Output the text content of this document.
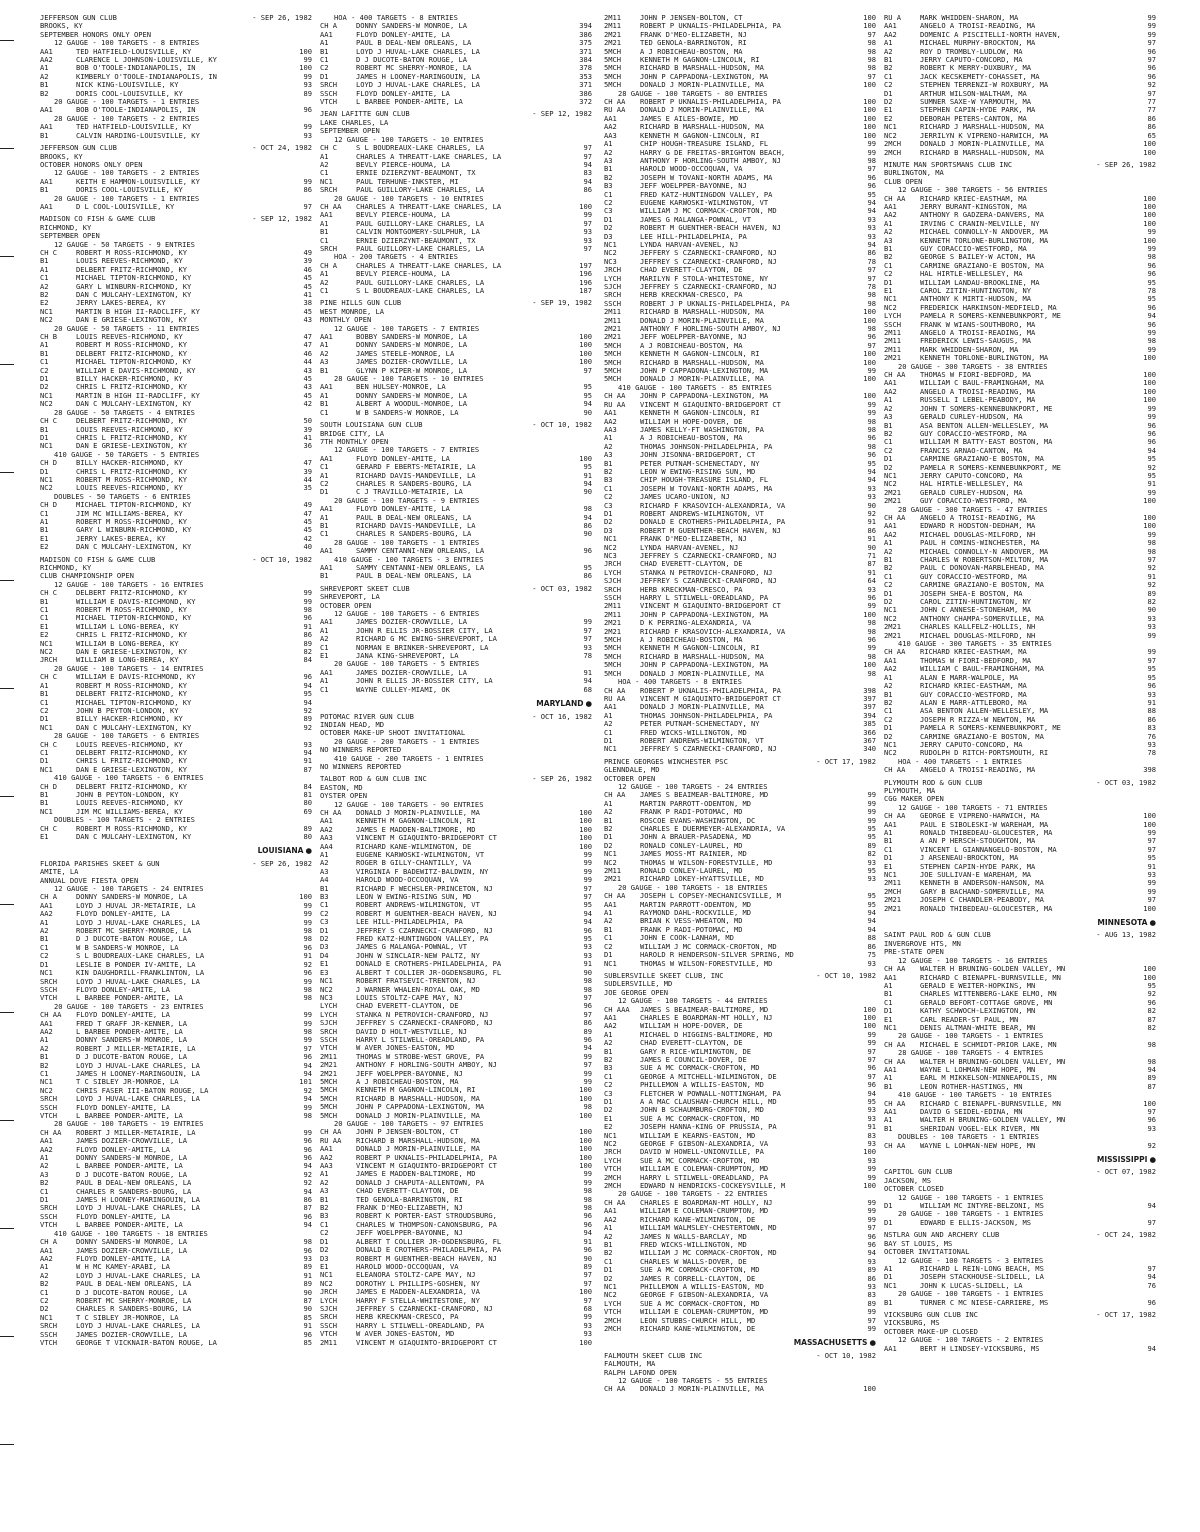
JEFFERSON GUN CLUB	- SEP 26, 1982
BROOKS, KY
SEPTEMBER HONORS ONLY OPEN
12 GAUGE - 100 TARGETS - 8 ENTRIES
AA1	TED HATFIELD-LOUISVILLE, KY	100
AA2	CLARENCE L JOHNSON-LOUISVILLE, KY	99
A1	BOB O'TOOLE-INDIANAPOLIS, IN	100
A2	KIMBERLY O'TOOLE-INDIANAPOLIS, IN	99
B1	NICK KING-LOUISVILLE, KY	93
B2	DORIS COOL-LOUISVILLE, KY	89
20 GAUGE - 100 TARGETS - 1 ENTRIES
AA1	BOB O'TOOLE-INDIANAPOLIS, IN	96
28 GAUGE - 100 TARGETS - 2 ENTRIES
AA1	TED HATFIELD-LOUISVILLE, KY	99
B1	CALVIN HARDING-LOUISVILLE, KY	93
JEFFERSON GUN CLUB	- OCT 24, 1982
BROOKS, KY
OCTOBER HONORS ONLY OPEN
12 GAUGE - 100 TARGETS - 2 ENTRIES
AA1	KEITH E HAMMON-LOUISVILLE, KY	99
B1	DORIS COOL-LOUISVILLE, KY	86
20 GAUGE - 100 TARGETS - 1 ENTRIES
AA1	D L COOL-LOUISVILLE, KY	97
MADISON CO FISH & GAME CLUB	- SEP 12, 1982
RICHMOND, KY
SEPTEMBER OPEN
12 GAUGE - 50 TARGETS - 9 ENTRIES
CH C	ROBERT M ROSS-RICHMOND, KY	49
B1	LOUIS REEVES-RICHMOND, KY	39
A1	DELBERT FRITZ-RICHMOND, KY	46
C1	MICHAEL TIPTON-RICHMOND, KY	45
A2	GARY L WINBURN-RICHMOND, KY	45
B2	DAN C MULCAHY-LEXINGTON, KY	41
E2	JERRY LAKES-BEREA, KY	38
NC1	MARTIN B HIGH II-RADCLIFF, KY	45
NC2	DAN E GRIESE-LEXINGTON, KY	43
20 GAUGE - 50 TARGETS - 11 ENTRIES
CH B	LOUIS REEVES-RICHMOND, KY	47
A1	ROBERT M ROSS-RICHMOND, KY	47
B1	DELBERT FRITZ-RICHMOND, KY	46
C1	MICHAEL TIPTON-RICHMOND, KY	44
C2	WILLIAM E DAVIS-RICHMOND, KY	43
D1	BILLY HACKER-RICHMOND, KY	45
D2	CHRIS L FRITZ-RICHMOND, KY	43
NC1	MARTIN B HIGH II-RADCLIFF, KY	45
NC2	DAN C MULCAHY-LEXINGTON, KY	42
28 GAUGE - 50 TARGETS - 4 ENTRIES
CH C	DELBERT FRITZ-RICHMOND, KY	50
B1	LOUIS REEVES-RICHMOND, KY	39
D1	CHRIS L FRITZ-RICHMOND, KY	41
NC1	DAN E GRIESE-LEXINGTON, KY	36
410 GAUGE - 50 TARGETS - 5 ENTRIES
CH D	BILLY HACKER-RICHMOND, KY	47
D1	CHRIS L FRITZ-RICHMOND, KY	39
NC1	ROBERT M ROSS-RICHMOND, KY	44
NC2	LOUIS REEVES-RICHMOND, KY	35
DOUBLES - 50 TARGETS - 6 ENTRIES
CH D	MICHAEL TIPTON-RICHMOND, KY	49
C1	JIM MC WILLIAMS-BEREA, KY	47
A1	ROBERT M ROSS-RICHMOND, KY	45
B1	GARY L WINBURN-RICHMOND, KY	45
E1	JERRY LAKES-BEREA, KY	42
E2	DAN C MULCAHY-LEXINGTON, KY	40
MADISON CO FISH & GAME CLUB	- OCT 10, 1982
RICHMOND, KY
CLUB CHAMPIONSHIP OPEN
12 GAUGE - 100 TARGETS - 16 ENTRIES
CH C	DELBERT FRITZ-RICHMOND, KY	99
B1	WILLIAM E DAVIS-RICHMOND, KY	99
C1	ROBERT M ROSS-RICHMOND, KY	98
C1	MICHAEL TIPTON-RICHMOND, KY	96
E1	WILLIAM L LONG-BEREA, KY	91
E2	CHRIS L FRITZ-RICHMOND, KY	86
NC1	WILLIAM B LONG-BEREA, KY	89
NC2	DAN E GRIESE-LEXINGTON, KY	82
JRCH	WILLIAM B LONG-BEREA, KY	84
20 GAUGE - 100 TARGETS - 14 ENTRIES
CH C	WILLIAM E DAVIS-RICHMOND, KY	96
A1	ROBERT M ROSS-RICHMOND, KY	94
B1	DELBERT FRITZ-RICHMOND, KY	95
C1	MICHAEL TIPTON-RICHMOND, KY	94
C2	JOHN B PEYTON-LONDON, KY	92
D1	BILLY HACKER-RICHMOND, KY	89
NC1	DAN C MULCAHY-LEXINGTON, KY	92
28 GAUGE - 100 TARGETS - 6 ENTRIES
CH C	LOUIS REEVES-RICHMOND, KY	93
C1	DELBERT FRITZ-RICHMOND, KY	94
D1	CHRIS L FRITZ-RICHMOND, KY	91
NC1	DAN E GRIESE-LEXINGTON, KY	87
410 GAUGE - 100 TARGETS - 6 ENTRIES
CH D	DELBERT FRITZ-RICHMOND, KY	84
B1	JOHN B PEYTON-LONDON, KY	81
B1	LOUIS REEVES-RICHMOND, KY	80
NC1	JIM MC WILLIAMS-BEREA, KY	69
DOUBLES - 100 TARGETS - 2 ENTRIES
CH C	ROBERT M ROSS-RICHMOND, KY	89
E1	DAN C MULCAHY-LEXINGTON, KY	80
LOUISIANA ●
FLORIDA PARISHES SKEET & GUN	- SEP 26, 1982
AMITE, LA
ANNUAL DOVE FIESTA OPEN
12 GAUGE - 100 TARGETS - 24 ENTRIES
CH A	DONNY SANDERS-W MONROE, LA	100
AA1	LOYD J HUVAL JR-METAIRIE, LA	99
AA2	FLOYD DONLEY-AMITE, LA	99
A1	LOYD J HUVAL-LAKE CHARLES, LA	99
A2	ROBERT MC SHERRY-MONROE, LA	98
B1	D J DUCOTE-BATON ROUGE, LA	98
C1	W B SANDERS-W MONROE, LA	96
C2	S L BOUDREAUX-LAKE CHARLES, LA	91
D1	LESLIE B PONDER IV-AMITE, LA	92
NC1	KIN DAUGHDRILL-FRANKLINTON, LA	96
SRCH	LOYD J HUVAL-LAKE CHARLES, LA	99
SSCH	FLOYD DONLEY-AMITE, LA	98
VTCH	L BARBEE PONDER-AMITE, LA	98
20 GAUGE - 100 TARGETS - 23 ENTRIES
CH AA	FLOYD DONLEY-AMITE, LA	99
AA1	FRED T GRAFF JR-KENNER, LA	99
AA2	L BARBEE PONDER-AMITE, LA	98
A1	DONNY SANDERS-W MONROE, LA	99
A2	ROBERT J MILLER-METAIRIE, LA	97
B1	D J DUCOTE-BATON ROUGE, LA	96
B2	LOYD J HUVAL-LAKE CHARLES, LA	94
C1	JAMES H LOONEY-MARINGOUIN, LA	94
NC1	T C SIBLEY JR-MONROE, LA	101
NC2	CHRIS FASER III-BATON ROUGE, LA	92
SRCH	LOYD J HUVAL-LAKE CHARLES, LA	94
SSCH	FLOYD DONLEY-AMITE, LA	99
VTCH	L BARBEE PONDER-AMITE, LA	98
28 GAUGE - 100 TARGETS - 19 ENTRIES
CH AA	ROBERT J MILLER-METAIRIE, LA	99
AA1	JAMES DOZIER-CROWVILLE, LA	96
AA2	FLOYD DONLEY-AMITE, LA	96
A1	DONNY SANDERS-W MONROE, LA	96
A2	L BARBEE PONDER-AMITE, LA	94
A3	D J DUCOTE-BATON ROUGE, LA	92
B2	PAUL B DEAL-NEW ORLEANS, LA	92
C1	CHARLES R SANDERS-BOURG, LA	94
D1	JAMES H LOONEY-MARINGOUIN, LA	86
SRCH	LOYD J HUVAL-LAKE CHARLES, LA	87
SSCH	FLOYD DONLEY-AMITE, LA	96
VTCH	L BARBEE PONDER-AMITE, LA	94
410 GAUGE - 100 TARGETS - 18 ENTRIES
CH A	DONNY SANDERS-W MONROE, LA	98
AA1	JAMES DOZIER-CROWVILLE, LA	96
AA2	FLOYD DONLEY-AMITE, LA	93
A1	W H MC KAMEY-ARABI, LA	89
A2	LOYD J HUVAL-LAKE CHARLES, LA	91
B2	PAUL B DEAL-NEW ORLEANS, LA	89
C1	D J DUCOTE-BATON ROUGE, LA	90
C2	ROBERT MC SHERRY-MONROE, LA	87
D2	CHARLES R SANDERS-BOURG, LA	90
NC1	T C SIBLEY JR-MONROE, LA	85
SRCH	LOYD J HUVAL-LAKE CHARLES, LA	91
SSCH	JAMES DOZIER-CROWVILLE, LA	96
VTCH	GEORGE T VICKNAIR-BATON ROUGE, LA	85
HOA - 400 TARGETS - 8 ENTRIES
CH A	DONNY SANDERS-W MONROE, LA	394
AA1	FLOYD DONLEY-AMITE, LA	386
A1	PAUL B DEAL-NEW ORLEANS, LA	375
B1	LOYD J HUVAL-LAKE CHARLES, LA	371
C1	D J DUCOTE-BATON ROUGE, LA	384
C2	ROBERT MC SHERRY-MONROE, LA	378
D1	JAMES H LOONEY-MARINGOUIN, LA	353
SRCH	LOYD J HUVAL-LAKE CHARLES, LA	371
SSCH	FLOYD DONLEY-AMITE, LA	386
VTCH	L BARBEE PONDER-AMITE, LA	372
JEAN LAFITTE GUN CLUB	- SEP 12, 1982
LAKE CHARLES, LA
SEPTEMBER OPEN
12 GAUGE - 100 TARGETS - 10 ENTRIES
CH C	S L BOUDREAUX-LAKE CHARLES, LA	97
A1	CHARLES A THREATT-LAKE CHARLES, LA	97
A2	BEVLY PIERCE-HOUMA, LA	94
C1	ERNIE DZIERZYNT-BEAUMONT, TX	83
NC1	PAUL TERHUNE-INKSTER, MI	94
SRCH	PAUL GUILLORY-LAKE CHARLES, LA	86
20 GAUGE - 100 TARGETS - 10 ENTRIES
CH AA	CHARLES A THREATT-LAKE CHARLES, LA	100
AA1	BEVLY PIERCE-HOUMA, LA	99
A1	PAUL GUILLORY-LAKE CHARLES, LA	97
B1	CALVIN MONTGOMERY-SULPHUR, LA	93
C1	ERNIE DZIERZYNT-BEAUMONT, TX	93
SRCH	PAUL GUILLORY-LAKE CHARLES, LA	97
HOA - 200 TARGETS - 4 ENTRIES
CH A	CHARLES A THREATT-LAKE CHARLES, LA	197
A1	BEVLY PIERCE-HOUMA, LA	196
A2	PAUL GUILLORY-LAKE CHARLES, LA	196
C1	S L BOUDREAUX-LAKE CHARLES, LA	187
PINE HILLS GUN CLUB	- SEP 19, 1982
WEST MONROE, LA
MONTHLY OPEN
12 GAUGE - 100 TARGETS - 7 ENTRIES
AA1	BOBBY SANDERS-W MONROE, LA	100
A1	DONNY SANDERS-W MONROE, LA	100
A2	JAMES STEELE-MONROE, LA	100
A3	JAMES DOZIER-CROWVILLE, LA	100
B1	GLYNN P KIPER-W MONROE, LA	97
28 GAUGE - 100 TARGETS - 10 ENTRIES
AA1	BEN HULSEY-MONROE, LA	95
A1	DONNY SANDERS-W MONROE, LA	95
B1	ALBERT A WOODUL-MONROE, LA	94
C1	W B SANDERS-W MONROE, LA	90
SOUTH LOUISIANA GUN CLUB	- OCT 10, 1982
BRIDGE CITY, LA
7TH MONTHLY OPEN
12 GAUGE - 100 TARGETS - 7 ENTRIES
AA1	FLOYD DONLEY-AMITE, LA	100
C1	GERARD F EBERTS-METAIRIE, LA	95
A1	RICHARD DAVIS-MANDEVILLE, LA	91
C2	CHARLES R SANDERS-BOURG, LA	94
D1	C J TRAVILLO-METAIRIE, LA	90
20 GAUGE - 100 TARGETS - 9 ENTRIES
AA1	FLOYD DONLEY-AMITE, LA	98
A1	PAUL B DEAL-NEW ORLEANS, LA	94
B1	RICHARD DAVIS-MANDEVILLE, LA	86
C1	CHARLES R SANDERS-BOURG, LA	90
28 GAUGE - 100 TARGETS - 1 ENTRIES
AA1	SAMMY CENTANNI-NEW ORLEANS, LA	96
410 GAUGE - 100 TARGETS - 3 ENTRIES
AA1	SAMMY CENTANNI-NEW ORLEANS, LA	95
B1	PAUL B DEAL-NEW ORLEANS, LA	86
SHREVEPORT SKEET CLUB	- OCT 03, 1982
SHREVEPORT, LA
OCTOBER OPEN
12 GAUGE - 100 TARGETS - 6 ENTRIES
AA1	JAMES DOZIER-CROWVILLE, LA	99
A1	JOHN R ELLIS JR-BOSSIER CITY, LA	97
A2	RICHARD G MC EWING-SHREVEPORT, LA	97
C1	NORMAN E BRINKER-SHREVEPORT, LA	93
E1	JANA KING-SHREVEPORT, LA	78
20 GAUGE - 100 TARGETS - 5 ENTRIES
AA1	JAMES DOZIER-CROWVILLE, LA	91
A1	JOHN R ELLIS JR-BOSSIER CITY, LA	94
C1	WAYNE CULLEY-MIAMI, OK	68
MARYLAND ●
POTOMAC RIVER GUN CLUB	- OCT 16, 1982
INDIAN HEAD, MD
OCTOBER MAKE-UP SHOOT INVITATIONAL
20 GAUGE - 200 TARGETS - 1 ENTRIES
NO WINNERS REPORTED
410 GAUGE - 200 TARGETS - 1 ENTRIES
NO WINNERS REPORTED
TALBOT ROD & GUN CLUB INC	- SEP 26, 1982
EASTON, MD
OYSTER OPEN
12 GAUGE - 100 TARGETS - 90 ENTRIES
CH AA	DONALD J MORIN-PLAINVILLE, MA	100
AA1	KENNETH M GAGNON-LINCOLN, RI	100
AA2	JAMES E MADDEN-BALTIMORE, MD	100
AA3	VINCENT M GIAQUINTO-BRIDGEPORT CT	100
AA4	RICHARD KANE-WILMINGTON, DE	100
A1	EUGENE KARWOSKI-WILMINGTON, VT	99
A2	ROGER B GILLY-CHANTILLY, VA	99
A3	VIRGINIA F BADEWITZ-BALDWIN, NY	99
A4	HAROLD WOOD-OCCOQUAN, VA	99
B1	RICHARD F WECHSLER-PRINCETON, NJ	97
B3	LEON W EWING-RISING SUN, MD	97
C1	ROBERT ANDREWS-WILMINGTON, VT	95
C2	ROBERT M GUENTHER-BEACH HAVEN, NJ	94
C3	LEE HILL-PHILADELPHIA, PA	94
D1	JEFFREY S CZARNECKI-CRANFORD, NJ	96
D2	FRED KATZ-HUNTINGDON VALLEY, PA	95
D3	JAMES G MALANGA-POWNAL, VT	93
D4	JOHN W SINCLAIR-NEW PALTZ, NY	93
E1	DONALD E CROTHERS-PHILADELPHIA, PA	91
E3	ALBERT T COLLIER JR-OGDENSBURG, FL	90
NC1	ROBERT FRATSEVIC-TRENTON, NJ	98
NC2	J WARNER WHALEN-ROYAL OAK, MD	98
NC3	LOUIS STOLTZ-CAPE MAY, NJ	97
LYCH	CHAD EVERETT-CLAYTON, DE	96
LYCH	STANKA N PETROVICH-CRANFORD, NJ	97
SJCH	JEFFREY S CZARNECKI-CRANFORD, NJ	86
SRCH	DAVID D HOLT-WESTVILLE, NJ	89
SSCH	HARRY L STILWELL-OREADLAND, PA	96
VTCH	W AVER JONES-EASTON, MD	94
2M11	THOMAS W STROBE-WEST GROVE, PA	99
2M21	ANTHONY F HORLING-SOUTH AMBOY, NJ	97
2M21	JEFF WOELPPER-BAYONNE, NJ	99
5MCH	A J ROBICHEAU-BOSTON, MA	99
5MCH	KENNETH M GAGNON-LINCOLN, RI	100
5MCH	RICHARD B MARSHALL-HUDSON, MA	100
5MCH	JOHN P CAPPADONA-LEXINGTON, MA	98
5MCH	DONALD J MORIN-PLAINVILLE, MA	100
20 GAUGE - 100 TARGETS - 97 ENTRIES
CH AA	JOHN P JENSEN-BOLTON, CT	100
RU AA	RICHARD B MARSHALL-HUDSON, MA	100
AA1	DONALD J MORIN-PLAINVILLE, MA	100
AA2	ROBERT P UKNALIS-PHILADELPHIA, PA	100
AA3	VINCENT M GIAQUINTO-BRIDGEPORT CT	100
A1	JAMES E MADDEN-BALTIMORE, MD	99
A2	DONALD J CHAPUTA-ALLENTOWN, PA	99
A3	CHAD EVERETT-CLAYTON, DE	98
B1	TED GENOLA-BARRINGTON, RI	98
B2	FRANK D'MEO-ELIZABETH, NJ	98
B3	ROBERT K PORTER-EAST STROUDSBURG,	96
C1	CHARLES W THOMPSON-CANONSBURG, PA	96
C2	JEFF WOELPPER-BAYONNE, NJ	94
D1	ALBERT T COLLIER JR-OGDENSBURG, FL	91
D2	DONALD E CROTHERS-PHILADELPHIA, PA	96
D3	ROBERT M GUENTHER-BEACH HAVEN, NJ	90
E1	HAROLD WOOD-OCCOQUAN, VA	89
NC1	ELEANORA STOLTZ-CAPE MAY, NJ	97
NC2	DOROTHY L PHILLIPS-GOSHEN, NY	97
JRCH	JAMES E MADDEN-ALEXANDRIA, VA	100
LYCH	HARRY F STELLA-WHITESTONE, NY	97
SJCH	JEFFREY S CZARNECKI-CRANFORD, NJ	68
SRCH	HERB KRECKMAN-CRESCO, PA	99
SSCH	HARRY L STILWELL-OREADLAND, PA	93
VTCH	W AVER JONES-EASTON, MD	93
2M11	VINCENT M GIAQUINTO-BRIDGEPORT CT	100
2M11	JOHN P JENSEN-BOLTON, CT	100
2M11	ROBERT P UKNALIS-PHILADELPHIA, PA	100
2M21	FRANK D'MEO-ELIZABETH, NJ	97
2M21	TED GENOLA-BARRINGTON, RI	98
5MCH	A J ROBICHEAU-BOSTON, MA	98
5MCH	KENNETH M GAGNON-LINCOLN, RI	98
5MCH	RICHARD B MARSHALL-HUDSON, MA	98
5MCH	JOHN P CAPPADONA-LEXINGTON, MA	97
5MCH	DONALD J MORIN-PLAINVILLE, MA	100
28 GAUGE - 100 TARGETS - 80 ENTRIES
CH AA	ROBERT P UKNALIS-PHILADELPHIA, PA	100
RU AA	DONALD J MORIN-PLAINVILLE, MA	100
AA1	JAMES E AILES-BOWIE, MD	100
AA2	RICHARD B MARSHALL-HUDSON, MA	100
AA3	KENNETH M GAGNON-LINCOLN, RI	100
A1	CHIP HOUGH-TREASURE ISLAND, FL	99
A2	HARRY G DE FREITAS-BRIGHTON BEACH,	99
A3	ANTHONY F HORLING-SOUTH AMBOY, NJ	98
B1	HAROLD WOOD-OCCOQUAN, VA	97
B2	JOSEPH W TOVANI-NORTH ADAMS, MA	96
B3	JEFF WOELPPER-BAYONNE, NJ	96
C1	FRED KATZ-HUNTINGDON VALLEY, PA	95
C2	EUGENE KARWOSKI-WILMINGTON, VT	94
C3	WILLIAM J MC CORMACK-CROFTON, MD	94
D1	JAMES G MALANGA-POWNAL, VT	93
D2	ROBERT M GUENTHER-BEACH HAVEN, NJ	93
D3	LEE HILL-PHILADELPHIA, PA	93
NC1	LYNDA HARVAN-AVENEL, NJ	94
NC2	JEFFERY S CZARNECKI-CRANFORD, NJ	86
NC3	JEFFREY S CZARNECKI-CRANFORD, NJ	78
JRCH	CHAD EVERETT-CLAYTON, DE	97
LYCH	MARILYN F STOLA-WHITESTONE, NY	97
SJCH	JEFFREY S CZARNECKI-CRANFORD, NJ	78
SRCH	HERB KRECKMAN-CRESCO, PA	98
SSCH	ROBERT J P UKNALIS-PHILADELPHIA, PA	98
2M11	RICHARD B MARSHALL-HUDSON, MA	100
2M11	DONALD J MORIN-PLAINVILLE, MA	100
2M21	ANTHONY F HORLING-SOUTH AMBOY, NJ	98
2M21	JEFF WOELPPER-BAYONNE, NJ	96
5MCH	A J ROBICHEAU-BOSTON, MA	97
5MCH	KENNETH M GAGNON-LINCOLN, RI	100
5MCH	RICHARD B MARSHALL-HUDSON, MA	100
5MCH	JOHN P CAPPADONA-LEXINGTON, MA	99
5MCH	DONALD J MORIN-PLAINVILLE, MA	100
410 GAUGE - 100 TARGETS - 85 ENTRIES
CH AA	JOHN P CAPPADONA-LEXINGTON, MA	100
RU AA	VINCENT M GIAQUINTO-BRIDGEPORT CT	99
AA1	KENNETH M GAGNON-LINCOLN, RI	99
AA2	WILLIAM H HOPE-DOVER, DE	98
AA3	JAMES KELLY-FT WASHINGTON, PA	98
A1	A J ROBICHEAU-BOSTON, MA	96
A2	THOMAS JOHNSON-PHILADELPHIA, PA	98
A3	JOHN JISONNA-BRIDGEPORT, CT	96
B1	PETER PUTNAM-SCHENECTADY, NY	95
B2	LEON W EWING-RISING SUN, MD	94
B3	CHIP HOUGH-TREASURE ISLAND, FL	94
C1	JOSEPH W TOVANI-NORTH ADAMS, MA	93
C2	JAMES UCARO-UNION, NJ	93
C3	RICHARD F KRASOVICH-ALEXANDRIA, VA	90
D1	ROBERT ANDREWS-WILMINGTON, VT	92
D2	DONALD E CROTHERS-PHILADELPHIA, PA	91
D3	ROBERT M GUENTHER-BEACH HAVEN, NJ	86
NC1	FRANK D'MEO-ELIZABETH, NJ	91
NC2	LYNDA HARVAN-AVENEL, NJ	90
NC3	JEFFREY S CZARNECKI-CRANFORD, NJ	71
JRCH	CHAD EVERETT-CLAYTON, DE	87
LYCH	STANKA N PETROVICH-CRANFORD, NJ	91
SJCH	JEFFREY S CZARNECKI-CRANFORD, NJ	64
SRCH	HERB KRECKMAN-CRESCO, PA	93
SSCH	HARRY L STILWELL-OREADLAND, PA	96
2M11	VINCENT M GIAQUINTO-BRIDGEPORT CT	99
2M11	JOHN P CAPPADONA-LEXINGTON, MA	100
2M21	D K PERRING-ALEXANDRIA, VA	98
2M21	RICHARD F KRASOVICH-ALEXANDRIA, VA	98
5MCH	A J ROBICHEAU-BOSTON, MA	96
5MCH	KENNETH M GAGNON-LINCOLN, RI	99
5MCH	RICHARD B MARSHALL-HUDSON, MA	98
5MCH	JOHN P CAPPADONA-LEXINGTON, MA	100
5MCH	DONALD J MORIN-PLAINVILLE, MA	98
HOA - 400 TARGETS - 8 ENTRIES
CH AA	ROBERT P UKNALIS-PHILADELPHIA, PA	398
RU AA	VINCENT M GIAQUINTO-BRIDGEPORT CT	397
AA1	DONALD J MORIN-PLAINVILLE, MA	397
A1	THOMAS JOHNSON-PHILADELPHIA, PA	394
A2	PETER PUTNAM-SCHENECTADY, NY	385
C1	FRED WICKS-WILLINGTON, MD	366
D1	ROBERT ANDREWS-WILMINGTON, VT	367
NC1	JEFFREY S CZARNECKI-CRANFORD, NJ	340
PRINCE GEORGES WINCHESTER PSC	- OCT 17, 1982
GLENNDALE, MD
OCTOBER OPEN
12 GAUGE - 100 TARGETS - 24 ENTRIES
CH AA	JAMES S BEAIMEAR-BALTIMORE, MD	99
A1	MARTIN PARROTT-ODENTON, MD	99
A2	FRANK P RADI-POTOMAC, MD	99
B1	ROSCOE EVANS-WASHINGTON, DC	99
B2	CHARLES E DUERMEYER-ALEXANDRIA, VA	95
D1	JOHN A BRAUER-PASADENA, MD	95
D2	RONALD CONLEY-LAUREL, MD	89
NC1	JAMES MOSS-MT RAINIER, MD	82
NC2	THOMAS W WILSON-FORESTVILLE, MD	93
2M11	RONALD CONLEY-LAUREL, MD	95
2M21	RICHARD LOKEY-HYATTSVILLE, MD	93
20 GAUGE - 100 TARGETS - 18 ENTRIES
CH AA	JOSEPH L COPSEY-MECHANICSVILLE, M	95
AA1	MARTIN PARROTT-ODENTON, MD	95
A1	RAYMOND DAHL-ROCKVILLE, MD	94
A2	BRIAN K VESS-WHEATON, MD	94
B1	FRANK P RADI-POTOMAC, MD	94
C1	JOHN E COOK-LANHAM, MD	88
C2	WILLIAM J MC CORMACK-CROFTON, MD	86
D1	HAROLD R HENDERSON-SILVER SPRING, MD	75
NC1	THOMAS W WILSON-FORESTVILLE, MD	93
SUBLERSVILLE SKEET CLUB, INC	- OCT 10, 1982
SUDLERSVILLE, MD
JOE GEORGE OPEN
12 GAUGE - 100 TARGETS - 44 ENTRIES
CH AAA	JAMES S BEAIMEAR-BALTIMORE, MD	100
AA1	CHARLES E BOARDMAN-MT HOLLY, NJ	100
AA2	WILLIAM H HOPE-DOVER, DE	100
A1	MICHAEL D HIGGINS-BALTIMORE, MD	99
A2	CHAD EVERETT-CLAYTON, DE	99
B1	GARY R RICE-WILMINGTON, DE	97
B2	JAMES E COUNCIL-DOVER, DE	97
B3	SUE A MC CORMACK-CROFTON, MD	96
C1	GEORGE A MITCHELL-WILMINGTON, DE	97
C2	PHILLEMON A WILLIS-EASTON, MD	96
C3	FLETCHER W POWNALL-NOTTINGHAM, PA	94
D1	A A MAC CLAUSHAN-CHURCH HILL, MD	95
D2	JOHN B SCHAUMBURG-CROFTON, MD	93
E1	SUE A MC CORMACK-CROFTON, MD	93
E2	JOSEPH HANNA-KING OF PRUSSIA, PA	91
NC1	WILLIAM E KEARNS-EASTON, MD	83
NC2	GEORGE F GIBSON-ALEXANDRIA, VA	93
JRCH	DAVID W HOWELL-UNIONVILLE, PA	100
LYCH	SUE A MC CORMACK-CROFTON, MD	93
VTCH	WILLIAM E COLEMAN-CRUMPTON, MD	99
2MCH	HARRY L STILWELL-OREADLAND, PA	99
2MCH	EDWARD N HENDRICKS-COCKEYSVILLE, M	100
20 GAUGE - 100 TARGETS - 22 ENTRIES
CH AA	CHARLES E BOARDMAN-MT HOLLY, NJ	99
AA1	WILLIAM E COLEMAN-CRUMPTON, MD	99
AA2	RICHARD KANE-WILMINGTON, DE	99
A1	WILLIAM WALMSLEY-CHESTERTOWN, MD	97
A2	JAMES N WALLS-BARCLAY, MD	96
B1	FRED WICKS-WILLINGTON, MD	96
B2	WILLIAM J MC CORMACK-CROFTON, MD	94
C1	CHARLES W WALLS-DOVER, DE	93
D1	SUE A MC CORMACK-CROFTON, MD	89
D2	JAMES R CORRELL-CLAYTON, DE	86
NC1	PHILLEMON A WILLIS-EASTON, MD	93
NC2	GEORGE F GIBSON-ALEXANDRIA, VA	83
LYCH	SUE A MC CORMACK-CROFTON, MD	89
VTCH	WILLIAM E COLEMAN-CRUMPTON, MD	99
2MCH	LEON STUBBS-CHURCH HILL, MD	97
2MCH	RICHARD KANE-WILMINGTON, DE	99
MASSACHUSETTS ●
FALMOUTH SKEET CLUB INC	- OCT 10, 1982
FALMOUTH, MA
RALPH LAFOND OPEN
12 GAUGE - 100 TARGETS - 55 ENTRIES
CH AA	DONALD J MORIN-PLAINVILLE, MA	100
RU A	MARK WHIDDEN-SHARON, MA	99
AA1	ANGELO A TROISI-READING, MA	99
AA2	DOMENIC A PISCITELLI-NORTH HAVEN,	99
A1	MICHAEL MURPHY-BROCKTON, MA	97
A2	ROY D TROMBLY-LUDLOW, MA	96
B1	JERRY CAPUTO-CONCORD, MA	97
B2	ROBERT K MERRY-DUXBURY, MA	96
C1	JACK KECSKEMETY-COHASSET, MA	96
C2	STEPHEN TERRENZI-W ROXBURY, MA	92
D1	ARTHUR WILSON-WALTHAM, MA	97
D2	SUMNER SAXE-W YARMOUTH, MA	77
E1	STEPHEN CAPIN-HYDE PARK, MA	77
E2	DEBORAH PETERS-CANTON, MA	86
NC1	RICHARD J MARSHALL-HUDSON, MA	86
NC2	JERRILYN K VIPRENO-HARWICH, MA	65
2MCH	DONALD J MORIN-PLAINVILLE, MA	100
2MCH	RICHARD B MARSHALL-HUDSON, MA	100
MINUTE MAN SPORTSMANS CLUB INC	- SEP 26, 1982
BURLINGTON, MA
CLUB OPEN
12 GAUGE - 300 TARGETS - 56 ENTRIES
CH AA	RICHARD KRIEC-EASTHAM, MA	100
AA1	JERRY BURANT-KINGSTON, MA	100
AA2	ANTHONY R GADZERA-DANVERS, MA	100
A1	IRVING C CRANIN-MELVILLE, NY	100
A2	MICHAEL CONNOLLY-N ANDOVER, MA	99
A3	KENNETH TORLONE-BURLINGTON, MA	100
B1	GUY CORACCIO-WESTFORD, MA	99
B2	GEORGE S BAILEY-W ACTON, MA	98
C1	CARMINE GRAZIANO-E BOSTON, MA	96
C2	HAL HIRTLE-WELLESLEY, MA	96
D1	WILLIAM LANDAU-BROOKLINE, MA	95
E1	CAROL ZITIN-HUNTINGTON, NY	78
NC1	ANTHONY K MIRTI-HUDSON, MA	95
NC2	FREDERICK HARKINSON-MEDFIELD, MA	96
LYCH	PAMELA R SOMERS-KENNEBUNKPORT, ME	94
SSCH	FRANK W WIANS-SOUTHBORO, MA	96
2M11	ANGELO A TROISI-READING, MA	99
2M11	FREDERICK LEWIS-SAUGUS, MA	98
2M11	MARK WHIDDEN-SHARON, MA	99
2M21	KENNETH TORLONE-BURLINGTON, MA	100
20 GAUGE - 300 TARGETS - 38 ENTRIES
CH AA	THOMAS W FIORI-BEDFORD, MA	100
AA1	WILLIAM C BAUL-FRAMINGHAM, MA	100
AA2	ANGELO A TROISI-READING, MA	100
A1	RUSSELL I LEBEL-PEABODY, MA	100
A2	JOHN T SOMERS-KENNEBUNKPORT, ME	99
A3	GERALD CURLEY-HUDSON, MA	99
B1	ASA BENTON ALLEN-WELLESLEY, MA	96
B2	GUY CORACCIO-WESTFORD, MA	96
C1	WILLIAM M BATTY-EAST BOSTON, MA	96
C2	FRANCIS ARNAO-CANTON, MA	94
D1	CARMINE GRAZIANO-E BOSTON, MA	95
D2	PAMELA R SOMERS-KENNEBUNKPORT, ME	92
NC1	JERRY CAPUTO-CONCORD, MA	95
NC2	HAL HIRTLE-WELLESLEY, MA	91
2M21	GERALD CURLEY-HUDSON, MA	99
2M21	GUY CORACCIO-WESTFORD, MA	100
28 GAUGE - 300 TARGETS - 47 ENTRIES
CH AA	ANGELO A TROISI-READING, MA	100
AA1	EDWARD R HODSTON-DEDHAM, MA	100
AA2	MICHAEL DOUGLAS-MILFORD, NH	99
A1	PAUL H COMINS-WINCHESTER, MA	98
A2	MICHAEL CONNOLLY-N ANDOVER, MA	98
B1	CHARLES W ROBERTSON-MILTON, MA	97
B2	PAUL C DONOVAN-MARBLEHEAD, MA	92
C1	GUY CORACCIO-WESTFORD, MA	91
C2	CARMINE GRAZIANO-E BOSTON, MA	92
D1	JOSEPH SHEA-E BOSTON, MA	89
D2	CAROL ZITIN-HUNTINGTON, NY	82
NC1	JOHN C ANNESE-STONEHAM, MA	90
NC2	ANTHONY CHAMPA-SOMERVILLE, MA	93
2M21	CHARLES KALLFELZ-HOLLIS, NH	93
2M21	MICHAEL DOUGLAS-MILFORD, NH	99
410 GAUGE - 300 TARGETS - 35 ENTRIES
CH AA	RICHARD KRIEC-EASTHAM, MA	99
AA1	THOMAS W FIORI-BEDFORD, MA	97
AA2	WILLIAM C BAUL-FRAMINGHAM, MA	95
A1	ALAN E MARR-WALPOLE, MA	95
A2	RICHARD KRIEC-EASTHAM, MA	96
B1	GUY CORACCIO-WESTFORD, MA	93
B2	ALAN E MARR-ATTLEBORO, MA	91
C1	ASA BENTON ALLEN-WELLESLEY, MA	88
C2	JOSEPH R RIZZA-W NEWTON, MA	86
D1	PAMELA R SOMERS-KENNEBUNKPORT, ME	83
D2	CARMINE GRAZIANO-E BOSTON, MA	76
NC1	JERRY CAPUTO-CONCORD, MA	93
NC2	RUDOLPH D RITCH-PORTSMOUTH, RI	78
HOA - 400 TARGETS - 1 ENTRIES
CH AA	ANGELO A TROISI-READING, MA	398
PLYMOUTH ROD & GUN CLUB	- OCT 03, 1982
PLYMOUTH, MA
CGG MAKER OPEN
12 GAUGE - 100 TARGETS - 71 ENTRIES
CH AA	GEORGE E VIPRENO-HARWICH, MA	100
AA1	PAUL E SIBOLESKI-W WAREHAM, MA	100
A1	RONALD THIBEDEAU-GLOUCESTER, MA	99
B1	A AN P HERSCH-STOUGHTON, MA	97
C1	VINCENT L GIANNANGELO-BOSTON, MA	97
D1	J ARSENEAU-BROCKTON, MA	95
E1	STEPHEN CAPIN-HYDE PARK, MA	91
NC1	JOE SULLIVAN-E WAREHAM, MA	93
2M11	KENNETH B ANDERSON-HANSON, MA	99
2MCH	GARY B BACHAND-SOMERVILLE, MA	99
2M21	JOSEPH C CHANDLER-PEABODY, MA	97
2M21	RONALD THIBEDEAU-GLOUCESTER, MA	100
MINNESOTA ●
SAINT PAUL ROD & GUN CLUB	- AUG 13, 1982
INVERGROVE HTS, MN
PRE-STATE OPEN
12 GAUGE - 100 TARGETS - 16 ENTRIES
CH AA	WALTER H BRUNING-GOLDEN VALLEY, MN	100
AA1	RICHARD C BIENAPFL-BURNSVILLE, MN	100
A1	GERALD E WEITER-HOPKINS, MN	95
B1	CHARLES WITTENBERG-LAKE ELMO, MN	92
C1	GERALD BEFORT-COTTAGE GROVE, MN	96
D1	KATHY SCHWOCH-LEXINGTON, MN	82
E1	CARL READER-ST PAUL, MN	87
NC1	DENIS ALTMAN-WHITE BEAR, MN	82
20 GAUGE - 100 TARGETS - 1 ENTRIES
CH AA	MICHAEL E SCHMIDT-PRIOR LAKE, MN	98
28 GAUGE - 100 TARGETS - 4 ENTRIES
CH AA	WALTER H BRUNING-GOLDEN VALLEY, MN	98
AA1	WAYNE L LOHMAN-NEW HOPE, MN	94
A1	EARL M MIKKELSON-MINNEAPOLIS, MN	89
B1	LEON ROTHER-HASTINGS, MN	87
410 GAUGE - 100 TARGETS - 10 ENTRIES
CH AA	RICHARD C BIENAPFL-BURNSVILLE, MN	100
AA1	DAVID G SEIDEL-EDINA, MN	97
A1	WALTER H BRUNING-GOLDEN VALLEY, MN	96
B1	SHERIDAN VOGEL-ELK RIVER, MN	93
DOUBLES - 100 TARGETS - 1 ENTRIES
CH AA	WAYNE L LOHMAN-NEW HOPE, MN	92
MISSISSIPPI ●
CAPITOL GUN CLUB	- OCT 07, 1982
JACKSON, MS
OCTOBER CLOSED
12 GAUGE - 100 TARGETS - 1 ENTRIES
D1	WILLIAM MC INTYRE-BELZONI, MS	94
20 GAUGE - 100 TARGETS - 1 ENTRIES
D1	EDWARD E ELLIS-JACKSON, MS	97
NSTLRA GUN AND ARCHERY CLUB	- OCT 24, 1982
BAY ST LOUIS, MS
OCTOBER INVITATIONAL
12 GAUGE - 100 TARGETS - 3 ENTRIES
A1	RICHARD L REIN-LONG BEACH, MS	97
D1	JOSEPH STACKHOUSE-SLIDELL, LA	94
NC1	JOHN K LUCAS-SLIDELL, LA	76
20 GAUGE - 100 TARGETS - 1 ENTRIES
B1	TURNER C MC NIESE-CARRIERE, MS	96
VICKSBURG GUN CLUB INC	- OCT 17, 1982
VICKSBURG, MS
OCTOBER MAKE-UP CLOSED
12 GAUGE - 100 TARGETS - 2 ENTRIES
AA1	BERT H LINDSEY-VICKSBURG, MS	94
